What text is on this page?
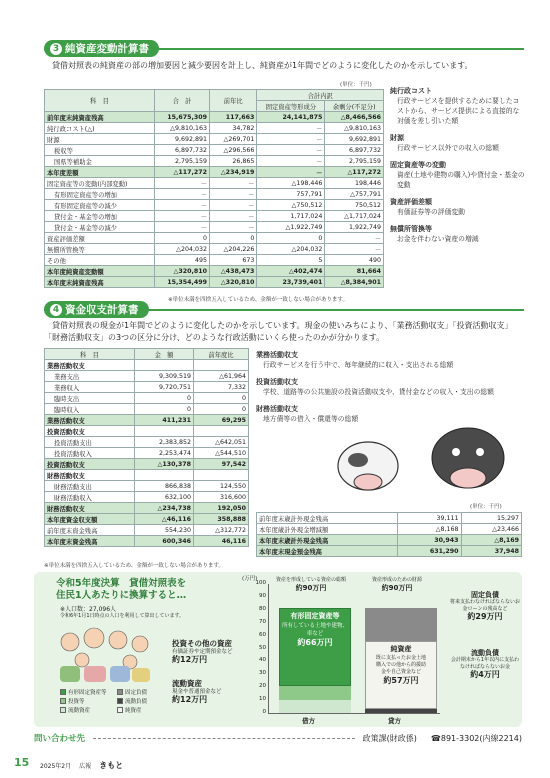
3 純資産変動計算書
貸借対照表の純資産の部の増加要因と減少要因を計上し、純資産が1年間でどのように変化したのかを示しています。
(単位：千円)
科　目	合　計	前年比	合計内訳	
			固定資産等形成分	余剰分(不足分)
前年度末純資産残高	15,675,309	117,663	24,141,875	△8,466,566
純行政コスト(△)	△9,810,163	34,782	－	△9,810,163
財源	9,692,891	△269,701	－	9,692,891
税収等	6,897,732	△296,566	－	6,897,732
国県等補助金	2,795,159	26,865	－	2,795,159
本年度差額	△117,272	△234,919	－	△117,272
固定資産等の変動(内部変動)	－	－	△198,446	198,446
有形固定資産等の増加	－	－	757,791	△757,791
有形固定資産等の減少	－	－	△750,512	750,512
貸付金・基金等の増加	－	－	1,717,024	△1,717,024
貸付金・基金等の減少	－	－	△1,922,749	1,922,749
資産評価差額	0	0	0	－
無償所管換等	△204,032	△204,226	△204,032	－
その他	495	673	5	490
本年度純資産変動額	△320,810	△438,473	△402,474	81,664
本年度末純資産残高	15,354,499	△320,810	23,739,401	△8,384,901
※単位未満を四捨五入しているため、金額が一致しない場合があります。
純行政コスト
行政サービスを提供するために要したコストから、サービス提供による直接的な対価を差し引いた額
財源
行政サービス以外での収入の総額
固定資産等の変動
資産(土地や建物の購入)や貸付金・基金の変動
資産評価差額
有価証券等の評価変動
無償所管換等
お金を伴わない資産の増減
4 資金収支計算書
貸借対照表の現金が1年間でどのように変化したのかを示しています。現金の使いみちにより、「業務活動収支」「投資活動収支」「財務活動収支」の3つの区分に分け、どのような行政活動にいくら使ったのかが分かります。
科　目	金　額	前年度比
業務活動収支		
業務支出	9,309,519	△61,964
業務収入	9,720,751	7,332
臨時支出	0	0
臨時収入	0	0
業務活動収支	411,231	69,295
投資活動収支		
投資活動支出	2,383,852	△642,051
投資活動収入	2,253,474	△544,510
投資活動収支	△130,378	97,542
財務活動収支		
財務活動支出	866,838	124,550
財務活動収入	632,100	316,600
財務活動収支	△234,738	192,050
本年度資金収支額	△46,116	358,888
前年度末資金残高	554,230	△312,772
本年度末資金残高	600,346	46,116
※単位未満を四捨五入しているため、金額が一致しない場合があります。
業務活動収支
行政サービスを行う中で、毎年継続的に収入・支出される総額
投資活動収支
学校、道路等の公共施設の投資活動収支や、貸付金などの収入・支出の総額
財務活動収支
地方債等の借入・償還等の総額
(単位：千円)
前年度末歳計外現金残高	39,111	15,297
本年度歳計外現金増減額	△8,168	△23,466
本年度末歳計外現金残高	30,943	△8,169
本年度末現金預金残高	631,290	37,948
令和5年度決算　貸借対照表を
住民1人あたりに換算すると…
※人口数：27,096人
令和6年1月1日時点の人口を利用して算出しています。
有形固定資産等	固定負債
投資等	流動負債
流動資産	純資産
(万円)
100
90
80
70
60
50
40
30
20
10
0
有形固定資産等
所有している土地や建物、車など
約66万円
純資産
既に支払ったお金土地購入での他から的援助金や自己資金など
約57万円
資産を形成している資産の総額
約90万円
資産形成のための財源
約90万円
借方	貸方
投資その他の資産
有価証券や定期預金など
約12万円
流動資産
現金や普通預金など
約12万円
固定負債
将来支払わなければならないお金ローンの残高など
約29万円
流動負債
会計期末から1年以内に支払わなければならないお金
約4万円
問い合わせ先	政策課(財政係) ☎891-3302(内線2214)
15 2025年2月 広報 きもと
